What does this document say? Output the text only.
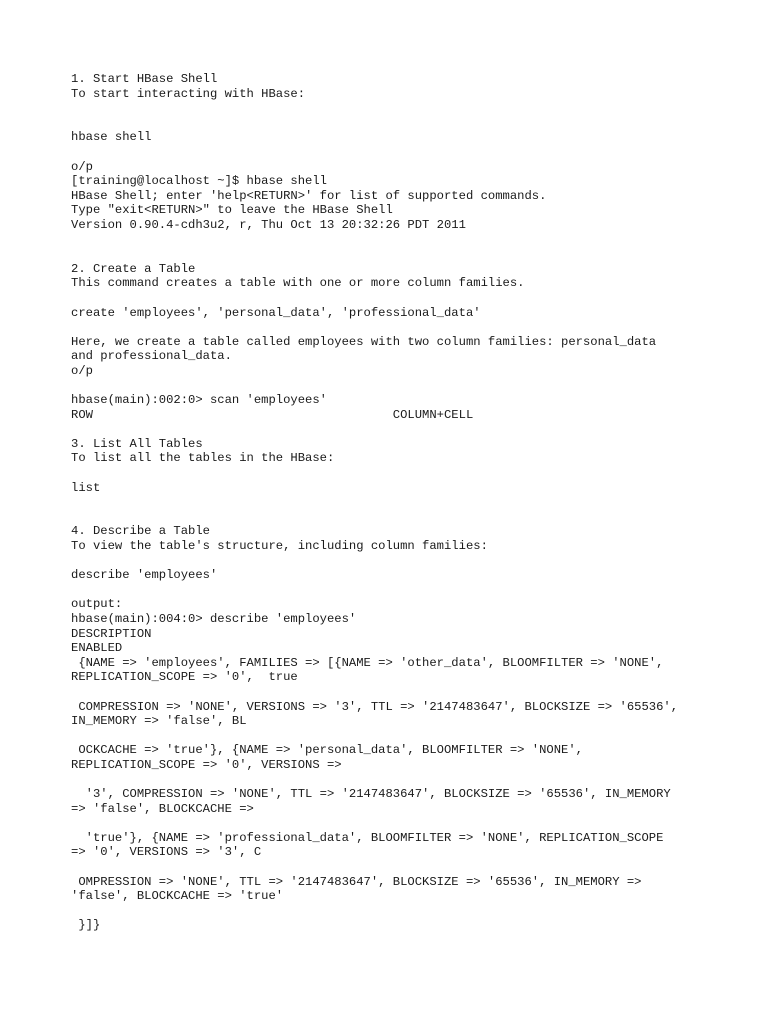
1. Start HBase Shell
To start interacting with HBase:
hbase shell
o/p
[training@localhost ~]$ hbase shell
HBase Shell; enter 'help<RETURN>' for list of supported commands.
Type "exit<RETURN>" to leave the HBase Shell
Version 0.90.4-cdh3u2, r, Thu Oct 13 20:32:26 PDT 2011
2. Create a Table
This command creates a table with one or more column families.
create 'employees', 'personal_data', 'professional_data'
Here, we create a table called employees with two column families: personal_data
and professional_data.
o/p
hbase(main):002:0> scan 'employees'
ROW                                         COLUMN+CELL
3. List All Tables
To list all the tables in the HBase:
list
4. Describe a Table
To view the table's structure, including column families:
describe 'employees'
output:
hbase(main):004:0> describe 'employees'
DESCRIPTION
ENABLED
{NAME => 'employees', FAMILIES => [{NAME => 'other_data', BLOOMFILTER => 'NONE',
REPLICATION_SCOPE => '0',  true
COMPRESSION => 'NONE', VERSIONS => '3', TTL => '2147483647', BLOCKSIZE => '65536',
IN_MEMORY => 'false', BL
OCKCACHE => 'true'}, {NAME => 'personal_data', BLOOMFILTER => 'NONE',
REPLICATION_SCOPE => '0', VERSIONS =>
'3', COMPRESSION => 'NONE', TTL => '2147483647', BLOCKSIZE => '65536', IN_MEMORY
=> 'false', BLOCKCACHE =>
'true'}, {NAME => 'professional_data', BLOOMFILTER => 'NONE', REPLICATION_SCOPE
=> '0', VERSIONS => '3', C
OMPRESSION => 'NONE', TTL => '2147483647', BLOCKSIZE => '65536', IN_MEMORY =>
'false', BLOCKCACHE => 'true'
}]}
